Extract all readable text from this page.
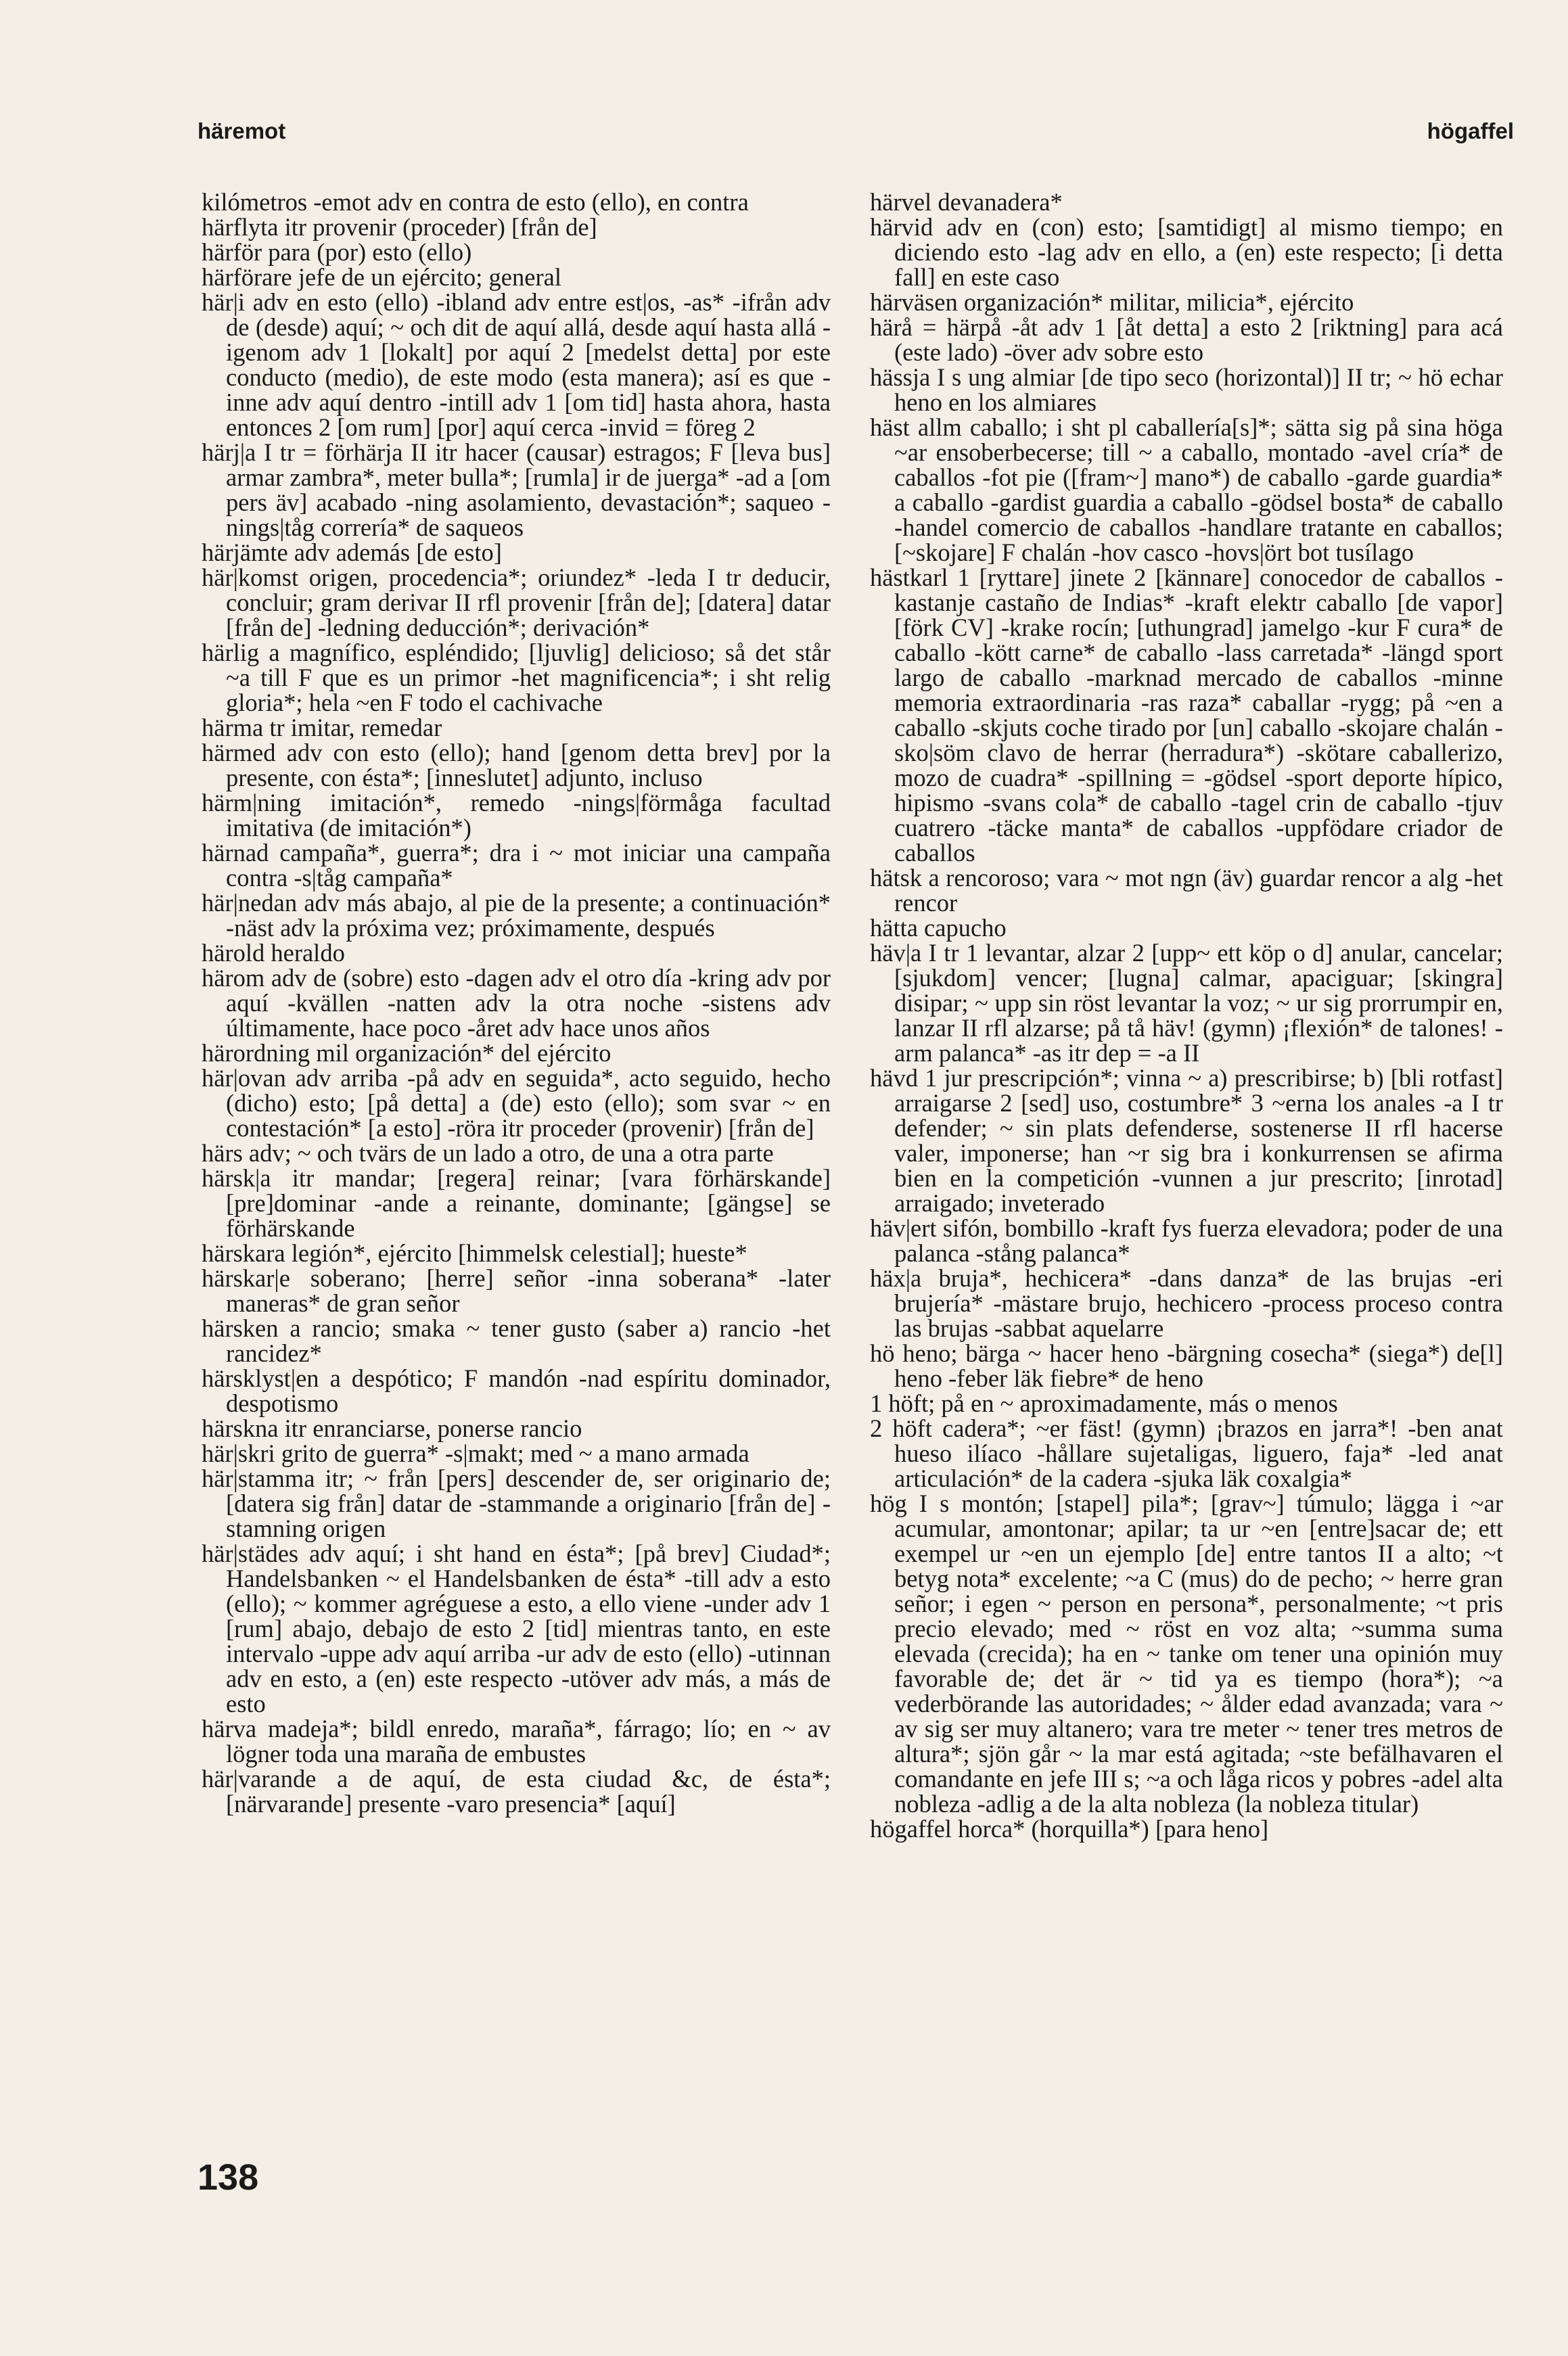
häremot	högaffel

kilómetros -emot adv en contra de esto (ello), en contra

härflyta itr provenir (proceder) [från de]

härför para (por) esto (ello)

härförare jefe de un ejército; general

här|i adv en esto (ello) -ibland adv entre est|os, -as* -ifrån adv de (desde) aquí; ~ och dit de aquí allá, desde aquí hasta allá -igenom adv 1 [lokalt] por aquí 2 [medelst detta] por este conducto (medio), de este modo (esta manera); así es que -inne adv aquí dentro -intill adv 1 [om tid] hasta ahora, hasta entonces 2 [om rum] [por] aquí cerca -invid = föreg 2

härj|a I tr = förhärja II itr hacer (causar) estragos; F [leva bus] armar zambra*, meter bulla*; [rumla] ir de juerga* -ad a [om pers äv] acabado -ning asolamiento, devastación*; saqueo -nings|tåg correría* de saqueos

härjämte adv además [de esto]

här|komst origen, procedencia*; oriundez* -leda I tr deducir, concluir; gram derivar II rfl provenir [från de]; [datera] datar [från de] -ledning deducción*; derivación*

härlig a magnífico, espléndido; [ljuvlig] delicioso; så det står ~a till F que es un primor -het magnificencia*; i sht relig gloria*; hela ~en F todo el cachivache

härma tr imitar, remedar

härmed adv con esto (ello); hand [genom detta brev] por la presente, con ésta*; [inneslutet] adjunto, incluso

härm|ning imitación*, remedo -nings|förmåga facultad imitativa (de imitación*)

härnad campaña*, guerra*; dra i ~ mot iniciar una campaña contra -s|tåg campaña*

här|nedan adv más abajo, al pie de la presente; a continuación* -näst adv la próxima vez; próximamente, después

härold heraldo

härom adv de (sobre) esto -dagen adv el otro día -kring adv por aquí -kvällen -natten adv la otra noche -sistens adv últimamente, hace poco -året adv hace unos años

härordning mil organización* del ejército

här|ovan adv arriba -på adv en seguida*, acto seguido, hecho (dicho) esto; [på detta] a (de) esto (ello); som svar ~ en contestación* [a esto] -röra itr proceder (provenir) [från de]

härs adv; ~ och tvärs de un lado a otro, de una a otra parte

härsk|a itr mandar; [regera] reinar; [vara förhärskande] [pre]dominar -ande a reinante, dominante; [gängse] se förhärskande

härskara legión*, ejército [himmelsk celestial]; hueste*

härskar|e soberano; [herre] señor -inna soberana* -later maneras* de gran señor

härsken a rancio; smaka ~ tener gusto (saber a) rancio -het rancidez*

härsklyst|en a despótico; F mandón -nad espíritu dominador, despotismo

härskna itr enranciarse, ponerse rancio

här|skri grito de guerra* -s|makt; med ~ a mano armada

här|stamma itr; ~ från [pers] descender de, ser originario de; [datera sig från] datar de -stammande a originario [från de] -stamning origen

här|städes adv aquí; i sht hand en ésta*; [på brev] Ciudad*; Handelsbanken ~ el Handelsbanken de ésta* -till adv a esto (ello); ~ kommer agréguese a esto, a ello viene -under adv 1 [rum] abajo, debajo de esto 2 [tid] mientras tanto, en este intervalo -uppe adv aquí arriba -ur adv de esto (ello) -utinnan adv en esto, a (en) este respecto -utöver adv más, a más de esto

härva madeja*; bildl enredo, maraña*, fárrago; lío; en ~ av lögner toda una maraña de embustes

här|varande a de aquí, de esta ciudad &c, de ésta*; [närvarande] presente -varo presencia* [aquí]

härvel devanadera*

härvid adv en (con) esto; [samtidigt] al mismo tiempo; en diciendo esto -lag adv en ello, a (en) este respecto; [i detta fall] en este caso

härväsen organización* militar, milicia*, ejército

härå = härpå -åt adv 1 [åt detta] a esto 2 [riktning] para acá (este lado) -över adv sobre esto

hässja I s ung almiar [de tipo seco (horizontal)] II tr; ~ hö echar heno en los almiares

häst allm caballo; i sht pl caballería[s]*; sätta sig på sina höga ~ar ensoberbecerse; till ~ a caballo, montado -avel cría* de caballos -fot pie ([fram~] mano*) de caballo -garde guardia* a caballo -gardist guardia a caballo -gödsel bosta* de caballo -handel comercio de caballos -handlare tratante en caballos; [~skojare] F chalán -hov casco -hovs|ört bot tusílago

hästkarl 1 [ryttare] jinete 2 [kännare] conocedor de caballos -kastanje castaño de Indias* -kraft elektr caballo [de vapor] [förk CV] -krake rocín; [uthungrad] jamelgo -kur F cura* de caballo -kött carne* de caballo -lass carretada* -längd sport largo de caballo -marknad mercado de caballos -minne memoria extraordinaria -ras raza* caballar -rygg; på ~en a caballo -skjuts coche tirado por [un] caballo -skojare chalán -sko|söm clavo de herrar (herradura*) -skötare caballerizo, mozo de cuadra* -spillning = -gödsel -sport deporte hípico, hipismo -svans cola* de caballo -tagel crin de caballo -tjuv cuatrero -täcke manta* de caballos -uppfödare criador de caballos

hätsk a rencoroso; vara ~ mot ngn (äv) guardar rencor a alg -het rencor

hätta capucho

häv|a I tr 1 levantar, alzar 2 [upp~ ett köp o d] anular, cancelar; [sjukdom] vencer; [lugna] calmar, apaciguar; [skingra] disipar; ~ upp sin röst levantar la voz; ~ ur sig prorrumpir en, lanzar II rfl alzarse; på tå häv! (gymn) ¡flexión* de talones! -arm palanca* -as itr dep = -a II

hävd 1 jur prescripción*; vinna ~ a) prescribirse; b) [bli rotfast] arraigarse 2 [sed] uso, costumbre* 3 ~erna los anales -a I tr defender; ~ sin plats defenderse, sostenerse II rfl hacerse valer, imponerse; han ~r sig bra i konkurrensen se afirma bien en la competición -vunnen a jur prescrito; [inrotad] arraigado; inveterado

häv|ert sifón, bombillo -kraft fys fuerza elevadora; poder de una palanca -stång palanca*

häx|a bruja*, hechicera* -dans danza* de las brujas -eri brujería* -mästare brujo, hechicero -process proceso contra las brujas -sabbat aquelarre

hö heno; bärga ~ hacer heno -bärgning cosecha* (siega*) de[l] heno -feber läk fiebre* de heno

1 höft; på en ~ aproximadamente, más o menos

2 höft cadera*; ~er fäst! (gymn) ¡brazos en jarra*! -ben anat hueso ilíaco -hållare sujetaligas, liguero, faja* -led anat articulación* de la cadera -sjuka läk coxalgia*

hög I s montón; [stapel] pila*; [grav~] túmulo; lägga i ~ar acumular, amontonar; apilar; ta ur ~en [entre]sacar de; ett exempel ur ~en un ejemplo [de] entre tantos II a alto; ~t betyg nota* excelente; ~a C (mus) do de pecho; ~ herre gran señor; i egen ~ person en persona*, personalmente; ~t pris precio elevado; med ~ röst en voz alta; ~summa suma elevada (crecida); ha en ~ tanke om tener una opinión muy favorable de; det är ~ tid ya es tiempo (hora*); ~a vederbörande las autoridades; ~ ålder edad avanzada; vara ~ av sig ser muy altanero; vara tre meter ~ tener tres metros de altura*; sjön går ~ la mar está agitada; ~ste befälhavaren el comandante en jefe III s; ~a och låga ricos y pobres -adel alta nobleza -adlig a de la alta nobleza (la nobleza titular)

högaffel horca* (horquilla*) [para heno]

138
